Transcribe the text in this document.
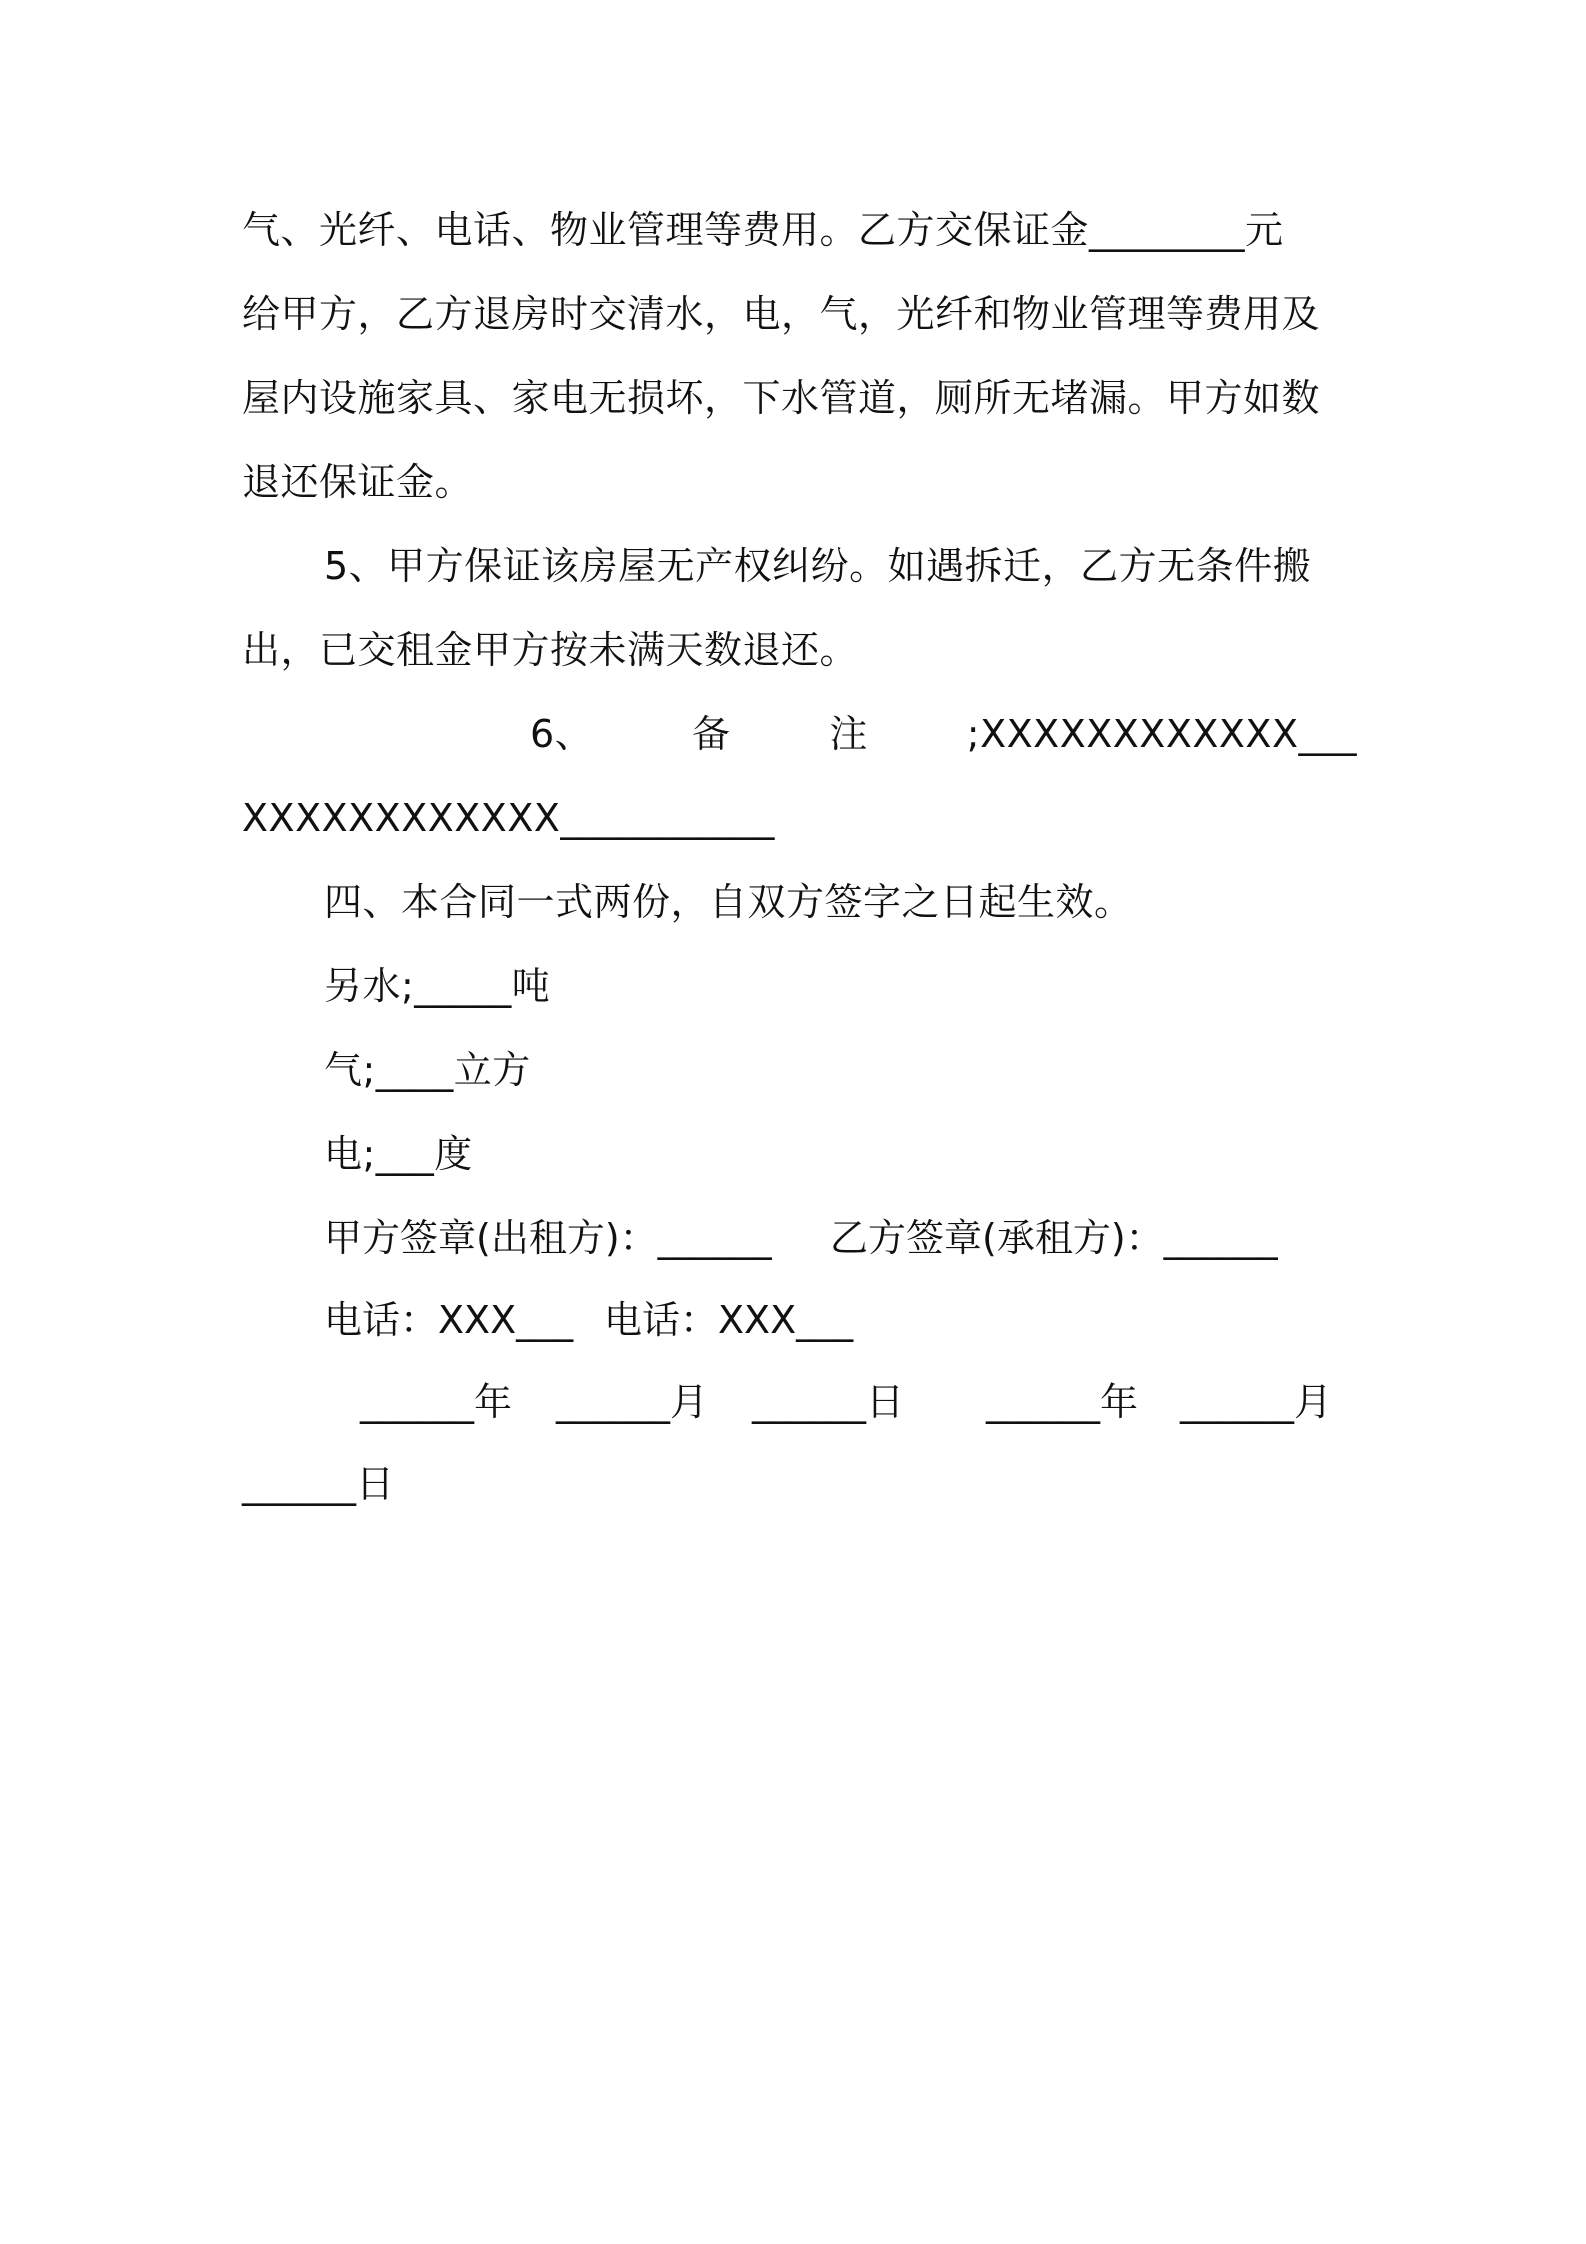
气、光纤、电话、物业管理等费用。乙方交保证金________元
给甲方，乙方退房时交清水，电，气，光纤和物业管理等费用及
屋内设施家具、家电无损坏，下水管道，厕所无堵漏。甲方如数
退还保证金。
5、甲方保证该房屋无产权纠纷。如遇拆迁，乙方无条件搬
出，已交租金甲方按未满天数退还。
6、	备	注	;XXXXXXXXXXXX___
XXXXXXXXXXXX___________
四、本合同一式两份，自双方签字之日起生效。
另水;_____吨
气;____立方
电;___度
甲方签章(出租方)：______ 乙方签章(承租方)：______
电话：XXX___ 电话：XXX___
______年 ______月 ______日 ______年 ______月
______日
